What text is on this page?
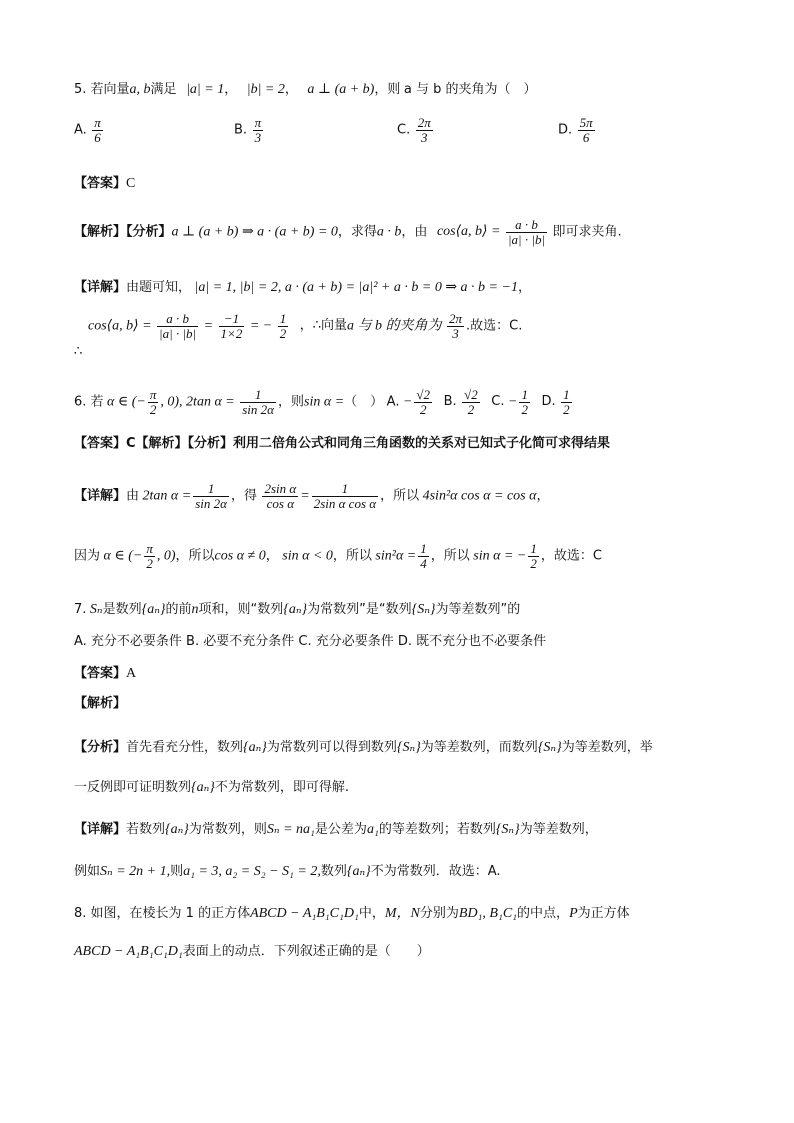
5. 若向量a, b满足 |a| = 1， |b| = 2， a ⊥ (a + b)，则 a 与 b 的夹角为（　）
A. $\frac{\pi}{6}$	B. $\frac{\pi}{3}$	C. $\frac{2\pi}{3}$	D. $\frac{5\pi}{6}$
【答案】C
【解析】【分析】a ⊥ (a + b) ⇒ a · (a + b) = 0，求得a · b，由 cos⟨a, b⟩ = $\frac{a \cdot b}{|a| \cdot |b|}$ 即可求夹角.
【详解】由题可知， |a| = 1, |b| = 2, a · (a + b) = |a|² + a · b = 0 ⇒ a · b = −1，
cos⟨a, b⟩ = $\frac{a \cdot b}{|a| \cdot |b|} = \frac{-1}{1\times 2}$ = − $\frac{1}{2}$ ，∴向量a 与 b 的夹角为 $\frac{2\pi}{3}$ .故选：C.
∴
6. 若 α ∈ (− $\frac{\pi}{2}$ , 0), 2tan $\alpha = \frac{1}{\sin 2\alpha}$ ，则sin α =（　） A. − $\frac{√2}{2} B$. $\frac{√2}{2} C$. − $\frac{1}{2} D$. $\frac{1}{2}$
【答案】C【解析】【分析】利用二倍角公式和同角三角函数的关系对已知式子化简可求得结果
【详解】由 2tan $\alpha = \frac{1}{\sin 2\alpha}$ ，得 $\frac{\text{2sin α}}{\text{cos α}} = \frac{1}{\text{2sin α cos α}}$ ，所以 4sin²α cos α = cos α，
因为 α ∈ (− $\frac{\pi}{2}$ , 0)，所以cos α ≠ 0， sin α < 0，所以 $\sin^2\alpha = \frac{1}{4}$ ，所以 sin α = − $\frac{1}{2}$ ，故选：C
7. Sₙ是数列{aₙ}的前n项和，则“数列{aₙ}为常数列”是“数列{Sₙ}为等差数列”的
A. 充分不必要条件 B. 必要不充分条件 C. 充分必要条件 D. 既不充分也不必要条件
【答案】A
【解析】
【分析】首先看充分性，数列{aₙ}为常数列可以得到数列{Sₙ}为等差数列，而数列{Sₙ}为等差数列，举
一反例即可证明数列{aₙ}不为常数列，即可得解.
【详解】若数列{aₙ}为常数列，则Sₙ = na₁是公差为a₁的等差数列；若数列{Sₙ}为等差数列，
例如Sₙ = 2n + 1,则a₁ = 3, a₂ = S₂ − S₁ = 2,数列{aₙ}不为常数列．故选：A.
8. 如图，在棱长为 1 的正方体ABCD − A₁B₁C₁D₁中，M，N分别为BD₁, B₁C₁的中点，P为正方体
ABCD − A₁B₁C₁D₁表面上的动点．下列叙述正确的是（　　）
